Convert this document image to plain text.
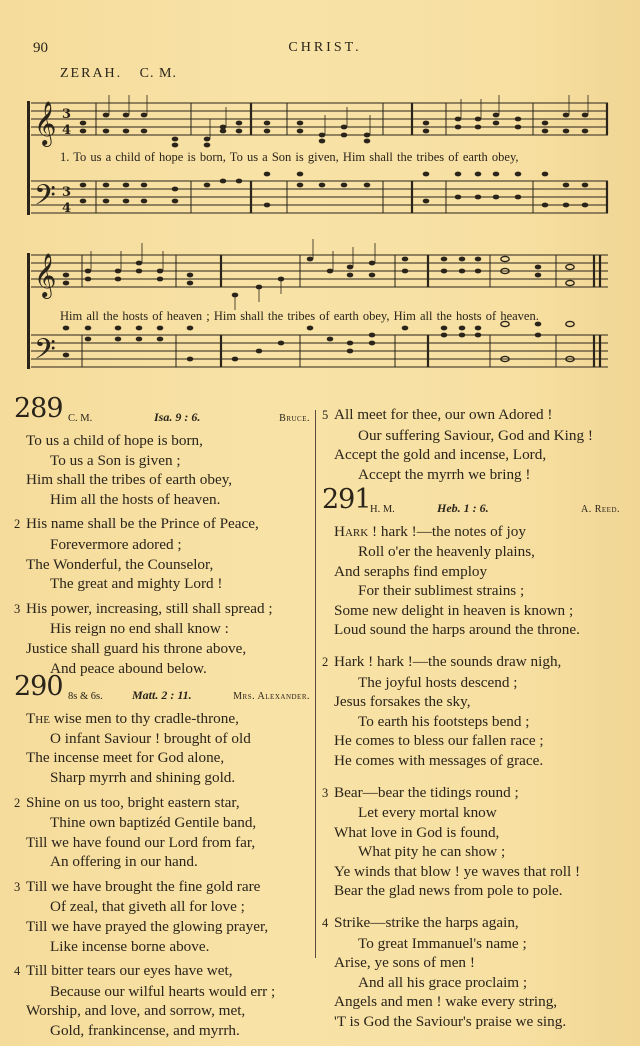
90	CHRIST.
ZERAH. C. M.
𝄞
𝄢
3
4
3
4
𝄞
𝄢
1. To us a child of hope is born, To us a Son is given, Him shall the tribes of earth obey,
Him all the hosts of heaven ; Him shall the tribes of earth obey, Him all the hosts of heaven.
289 C. M.	Isa. 9 : 6.	Bruce.
To us a child of hope is born,
To us a Son is given ;
Him shall the tribes of earth obey,
Him all the hosts of heaven.
2 His name shall be the Prince of Peace,
Forevermore adored ;
The Wonderful, the Counselor,
The great and mighty Lord !
3 His power, increasing, still shall spread ;
His reign no end shall know :
Justice shall guard his throne above,
And peace abound below.
290 8s & 6s. Matt. 2 : 11.	Mrs. Alexander.
The wise men to thy cradle-throne,
O infant Saviour ! brought of old
The incense meet for God alone,
Sharp myrrh and shining gold.
2 Shine on us too, bright eastern star,
Thine own baptizéd Gentile band,
Till we have found our Lord from far,
An offering in our hand.
3 Till we have brought the fine gold rare
Of zeal, that giveth all for love ;
Till we have prayed the glowing prayer,
Like incense borne above.
4 Till bitter tears our eyes have wet,
Because our wilful hearts would err ;
Worship, and love, and sorrow, met,
Gold, frankincense, and myrrh.
5 All meet for thee, our own Adored !
Our suffering Saviour, God and King !
Accept the gold and incense, Lord,
Accept the myrrh we bring !
291 H. M.	Heb. 1 : 6.	A. Reed.
Hark ! hark !—the notes of joy
Roll o'er the heavenly plains,
And seraphs find employ
For their sublimest strains ;
Some new delight in heaven is known ;
Loud sound the harps around the throne.
2 Hark ! hark !—the sounds draw nigh,
The joyful hosts descend ;
Jesus forsakes the sky,
To earth his footsteps bend ;
He comes to bless our fallen race ;
He comes with messages of grace.
3 Bear—bear the tidings round ;
Let every mortal know
What love in God is found,
What pity he can show ;
Ye winds that blow ! ye waves that roll !
Bear the glad news from pole to pole.
4 Strike—strike the harps again,
To great Immanuel's name ;
Arise, ye sons of men !
And all his grace proclaim ;
Angels and men ! wake every string,
'T is God the Saviour's praise we sing.
